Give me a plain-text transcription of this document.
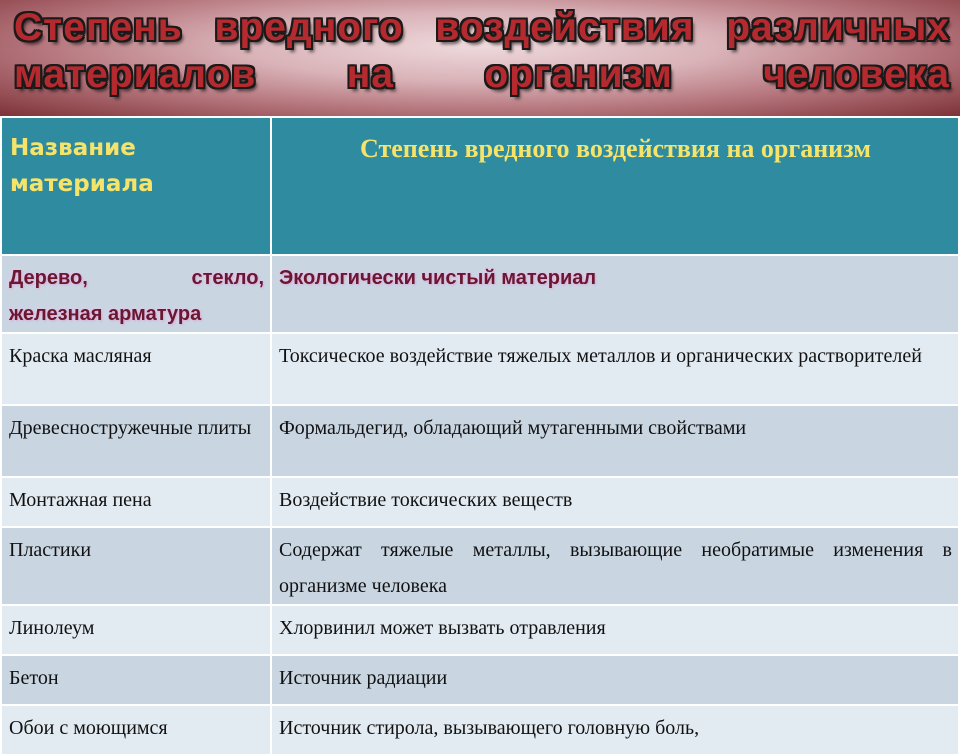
Степень вредного воздействия различных
материалов на организм человека
Название материала	Степень вредного воздействия на организм
Дерево, стекло, железная арматура	Экологически чистый материал
Краска масляная	Токсическое воздействие тяжелых металлов и органических растворителей
Древесностружечные плиты	Формальдегид, обладающий мутагенными свойствами
Монтажная пена	Воздействие токсических веществ
Пластики	Содержат тяжелые металлы, вызывающие необратимые изменения в организме человека
Линолеум	Хлорвинил может вызвать отравления
Бетон	Источник радиации
Обои с моющимся	Источник стирола, вызывающего головную боль,
